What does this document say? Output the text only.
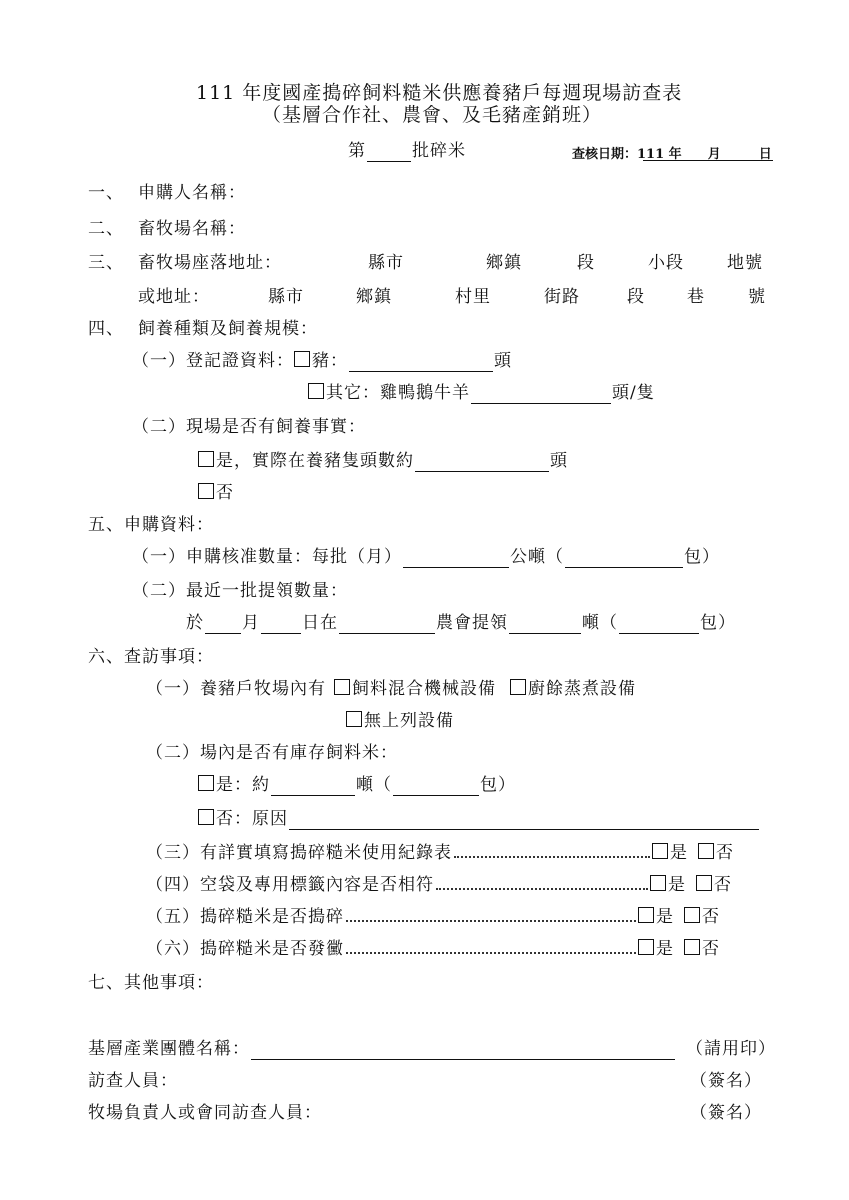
111 年度國產搗碎飼料糙米供應養豬戶每週現場訪查表
（基層合作社、農會、及毛豬產銷班）
第	批碎米	查核日期：111 年 月	日
一、 申購人名稱：
二、 畜牧場名稱：
三、 畜牧場座落地址：	縣市	鄉鎮	段	小段	地號
或地址：	縣市	鄉鎮	村里	街路	段 巷	號
四、 飼養種類及飼養規模：
（一）登記證資料： 豬：	頭
其它：雞鴨鵝牛羊	頭/隻
（二）現場是否有飼養事實：
是，實際在養豬隻頭數約	頭
否
五、申購資料：
（一）申購核准數量：每批（月）	公噸（	包）
（二）最近一批提領數量：
於 月 日在	農會提領	噸（	包）
六、查訪事項：
（一）養豬戶牧場內有 飼料混合機械設備 廚餘蒸煮設備
無上列設備
（二）場內是否有庫存飼料米：
是：約	噸（	包）
否：原因
（三）有詳實填寫搗碎糙米使用紀錄表	是 否
（四）空袋及專用標籤內容是否相符	是 否
（五）搗碎糙米是否搗碎	是 否
（六）搗碎糙米是否發黴	是 否
七、其他事項：
基層產業團體名稱：	（請用印）
訪查人員：	（簽名）
牧場負責人或會同訪查人員：	（簽名）
